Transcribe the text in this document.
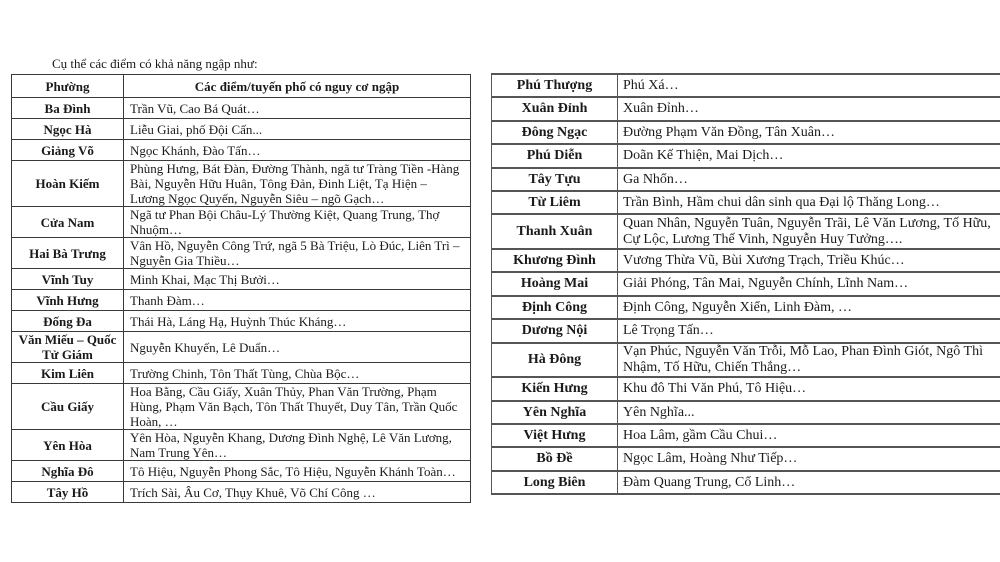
Cụ thể các điểm có khả năng ngập như:
Phường	Các điểm/tuyến phố có nguy cơ ngập
Ba Đình	Trần Vũ, Cao Bá Quát…
Ngọc Hà	Liễu Giai, phố Đội Cấn...
Giảng Võ	Ngọc Khánh, Đào Tấn…
Hoàn Kiếm	Phùng Hưng, Bát Đàn, Đường Thành, ngã tư Tràng Tiền -Hàng Bài, Nguyễn Hữu Huân, Tông Đản, Đinh Liệt, Tạ Hiện – Lương Ngọc Quyến, Nguyễn Siêu – ngõ Gạch…
Cửa Nam	Ngã tư Phan Bội Châu-Lý Thường Kiệt, Quang Trung, Thợ Nhuộm…
Hai Bà Trưng	Vân Hồ, Nguyễn Công Trứ, ngã 5 Bà Triệu, Lò Đúc, Liên Trì – Nguyễn Gia Thiều…
Vĩnh Tuy	Minh Khai, Mạc Thị Bưởi…
Vĩnh Hưng	Thanh Đàm…
Đống Đa	Thái Hà, Láng Hạ, Huỳnh Thúc Kháng…
Văn Miếu – Quốc Tử Giám	Nguyễn Khuyến, Lê Duẩn…
Kim Liên	Trường Chinh, Tôn Thất Tùng, Chùa Bộc…
Cầu Giấy	Hoa Bằng, Cầu Giấy, Xuân Thủy, Phan Văn Trường, Phạm Hùng, Phạm Văn Bạch, Tôn Thất Thuyết, Duy Tân, Trần Quốc Hoàn, …
Yên Hòa	Yên Hòa, Nguyễn Khang, Dương Đình Nghệ, Lê Văn Lương, Nam Trung Yên…
Nghĩa Đô	Tô Hiệu, Nguyễn Phong Sắc, Tô Hiệu, Nguyễn Khánh Toàn…
Tây Hồ	Trích Sài, Âu Cơ, Thụy Khuê, Võ Chí Công …
Phú Thượng	Phú Xá…
Xuân Đỉnh	Xuân Đỉnh…
Đông Ngạc	Đường Phạm Văn Đồng, Tân Xuân…
Phú Diễn	Doãn Kế Thiện, Mai Dịch…
Tây Tựu	Ga Nhổn…
Từ Liêm	Trần Bình, Hầm chui dân sinh qua Đại lộ Thăng Long…
Thanh Xuân	Quan Nhân, Nguyễn Tuân, Nguyễn Trãi, Lê Văn Lương, Tố Hữu, Cự Lộc, Lương Thế Vinh, Nguyễn Huy Tưởng….
Khương Đình	Vương Thừa Vũ, Bùi Xương Trạch, Triều Khúc…
Hoàng Mai	Giải Phóng, Tân Mai, Nguyễn Chính, Lĩnh Nam…
Định Công	Định Công, Nguyễn Xiển, Linh Đàm, …
Dương Nội	Lê Trọng Tấn…
Hà Đông	Vạn Phúc, Nguyễn Văn Trỗi, Mỗ Lao, Phan Đình Giót, Ngô Thì Nhậm, Tố Hữu, Chiến Thắng…
Kiến Hưng	Khu đô Thi Văn Phú, Tô Hiệu…
Yên Nghĩa	Yên Nghĩa...
Việt Hưng	Hoa Lâm, gầm Cầu Chui…
Bồ Đề	Ngọc Lâm, Hoàng Như Tiếp…
Long Biên	Đàm Quang Trung, Cổ Linh…
